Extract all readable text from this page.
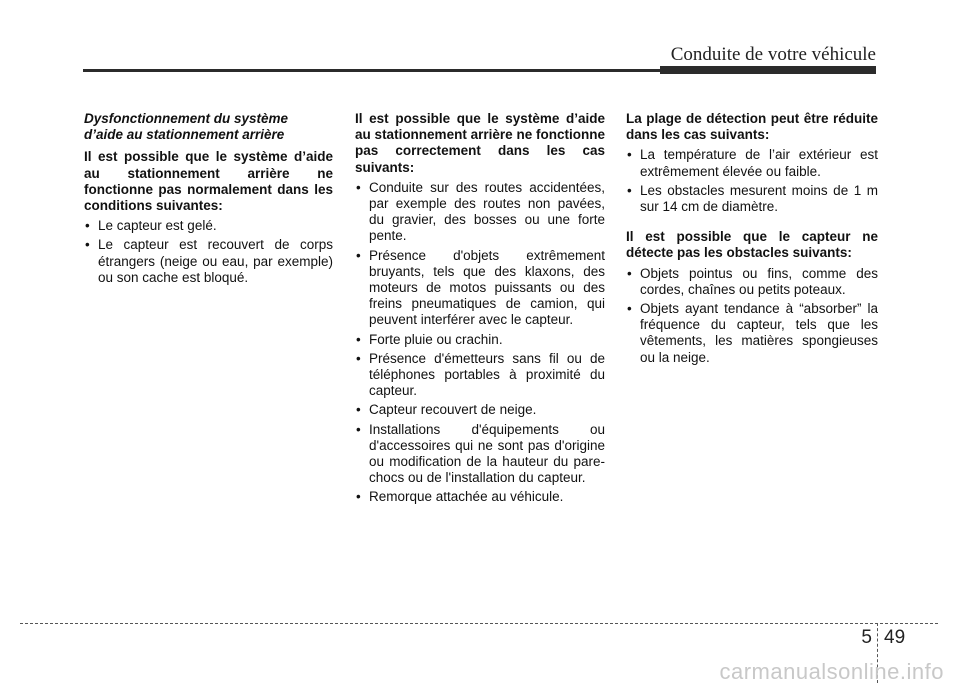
Conduite de votre véhicule
Dysfonctionnement du système
d’aide au stationnement arrière

Il est possible que le système d’aide au stationnement arrière ne fonctionne pas normalement dans les conditions suivantes:

• Le capteur est gelé.
• Le capteur est recouvert de corps étrangers (neige ou eau, par exemple) ou son cache est bloqué.

Il est possible que le système d’aide au stationnement arrière ne fonctionne pas correctement dans les cas suivants:

• Conduite sur des routes accidentées, par exemple des routes non pavées, du gravier, des bosses ou une forte pente.
• Présence d'objets extrêmement bruyants, tels que des klaxons, des moteurs de motos puissants ou des freins pneumatiques de camion, qui peuvent interférer avec le capteur.
• Forte pluie ou crachin.
• Présence d'émetteurs sans fil ou de téléphones portables à proximité du capteur.
• Capteur recouvert de neige.
• Installations d'équipements ou d'accessoires qui ne sont pas d'origine ou modification de la hauteur du pare-chocs ou de l'installation du capteur.
• Remorque attachée au véhicule.

La plage de détection peut être réduite dans les cas suivants:

• La température de l’air extérieur est extrêmement élevée ou faible.
• Les obstacles mesurent moins de 1 m sur 14 cm de diamètre.

Il est possible que le capteur ne détecte pas les obstacles suivants:

• Objets pointus ou fins, comme des cordes, chaînes ou petits poteaux.
• Objets ayant tendance à “absorber” la fréquence du capteur, tels que les vêtements, les matières spongieuses ou la neige.
5 49
carmanualsonline.info
